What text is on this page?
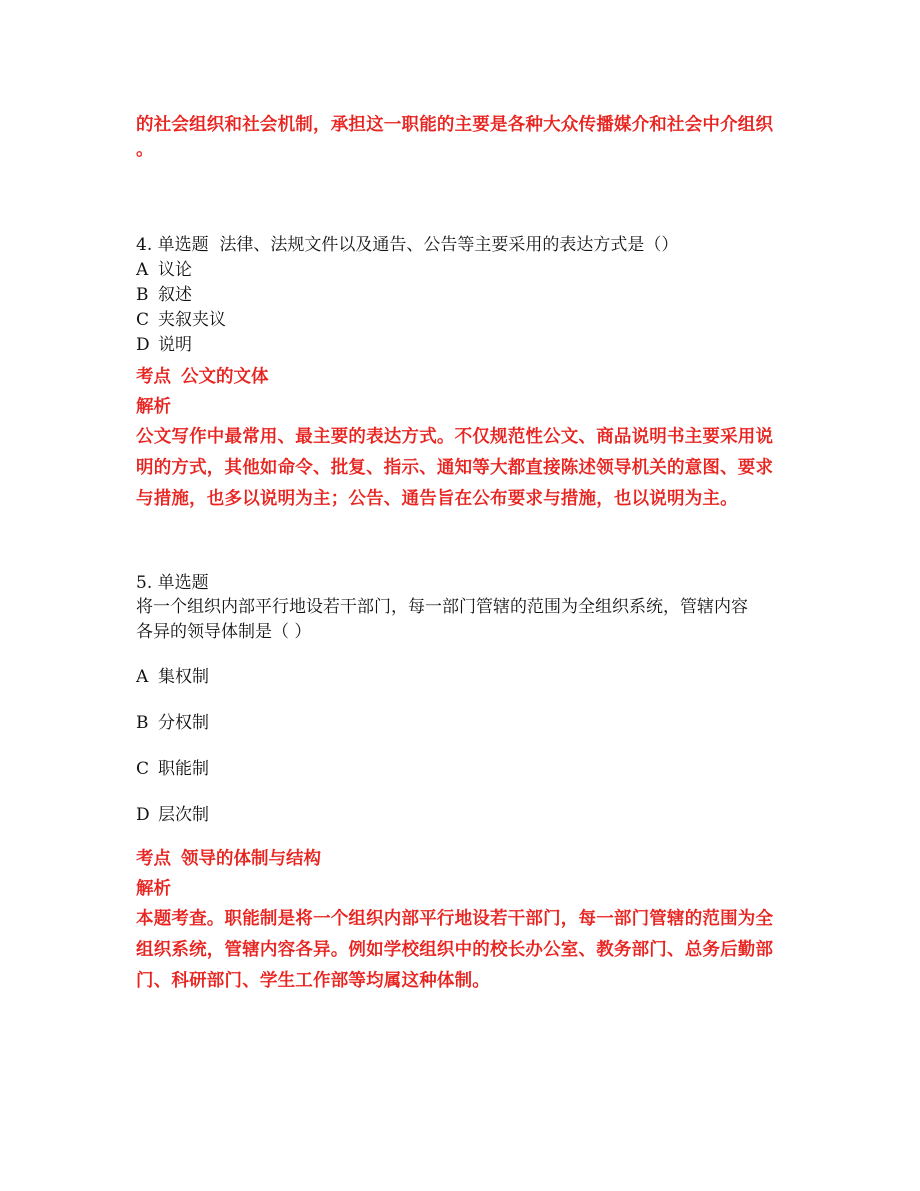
的社会组织和社会机制，承担这一职能的主要是各种大众传播媒介和社会中介组织

。

4. 单选题 法律、法规文件以及通告、公告等主要采用的表达方式是（）

A 议论

B 叙述

C 夹叙夹议

D 说明

考点 公文的文体

解析

公文写作中最常用、最主要的表达方式。不仅规范性公文、商品说明书主要采用说

明的方式，其他如命令、批复、指示、通知等大都直接陈述领导机关的意图、要求

与措施，也多以说明为主；公告、通告旨在公布要求与措施，也以说明为主。

5. 单选题

将一个组织内部平行地设若干部门，每一部门管辖的范围为全组织系统，管辖内容

各异的领导体制是（ ）

A 集权制

B 分权制

C 职能制

D 层次制

考点 领导的体制与结构

解析

本题考查。职能制是将一个组织内部平行地设若干部门，每一部门管辖的范围为全

组织系统，管辖内容各异。例如学校组织中的校长办公室、教务部门、总务后勤部

门、科研部门、学生工作部等均属这种体制。
